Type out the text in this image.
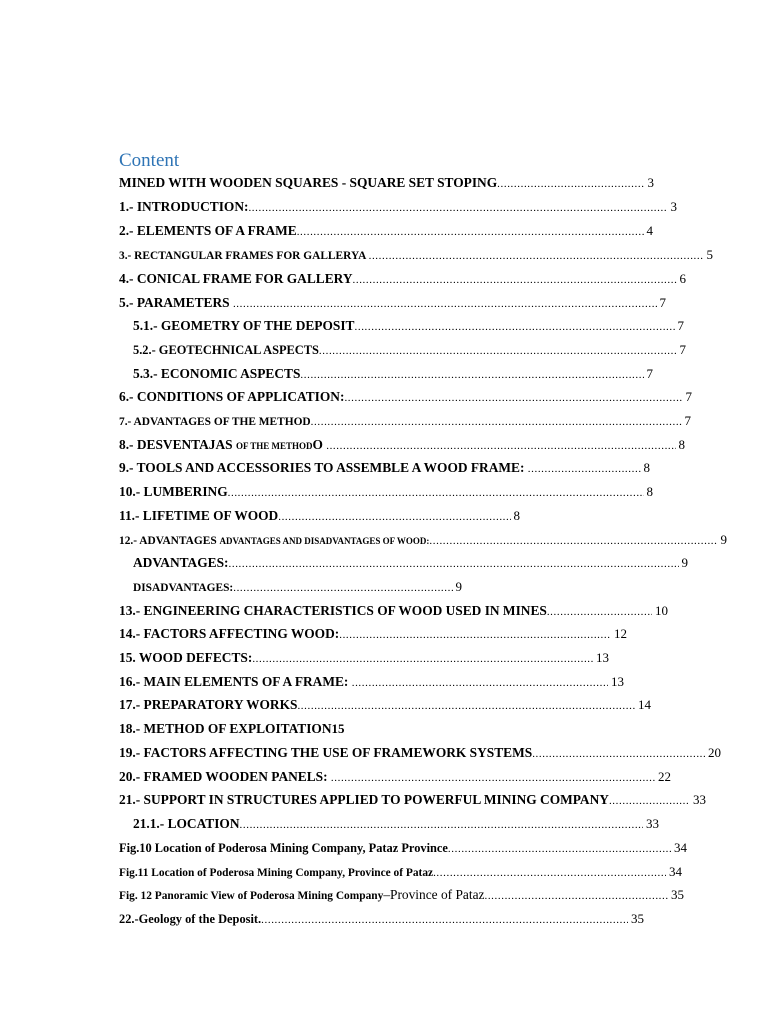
Content
MINED WITH WOODEN SQUARES - SQUARE SET STOPING .....	3
1.- INTRODUCTION: .....	3
2.- ELEMENTS OF A FRAME .....	4
3.- RECTANGULAR FRAMES FOR GALLERYA .....	5
4.- CONICAL FRAME FOR GALLERY .....	6
5.- PARAMETERS .....	7
5.1.- GEOMETRY OF THE DEPOSIT .....	7
5.2.- GEOTECHNICAL ASPECTS .....	7
5.3.- ECONOMIC ASPECTS .....	7
6.- CONDITIONS OF APPLICATION: .....	7
7.- ADVANTAGES OF THE METHOD .....	7
8.- DESVENTAJAS OF THE METHOD O .....	8
9.- TOOLS AND ACCESSORIES TO ASSEMBLE A WOOD FRAME: .....	8
10.- LUMBERING .....	8
11.- LIFETIME OF WOOD .....	8
12.- ADVANTAGES ADVANTAGES AND DISADVANTAGES OF WOOD: .....	9
ADVANTAGES: .....	9
DISADVANTAGES: .....	9
13.- ENGINEERING CHARACTERISTICS OF WOOD USED IN MINES .....	10
14.- FACTORS AFFECTING WOOD: .....	12
15. WOOD DEFECTS: .....	13
16.- MAIN ELEMENTS OF A FRAME: .....	13
17.- PREPARATORY WORKS .....	14
18.- METHOD OF EXPLOITATION 15
19.- FACTORS AFFECTING THE USE OF FRAMEWORK SYSTEMS .....	20
20.- FRAMED WOODEN PANELS: .....	22
21.- SUPPORT IN STRUCTURES APPLIED TO POWERFUL MINING COMPANY .....	33
21.1.- LOCATION .....	33
Fig.10 Location of Poderosa Mining Company, Pataz Province .....	34
Fig.11 Location of Poderosa Mining Company, Province of Pataz .....	34
Fig. 12 Panoramic View of Poderosa Mining Company –Province of Pataz .....	35
22.-Geology of the Deposit. .....	35
